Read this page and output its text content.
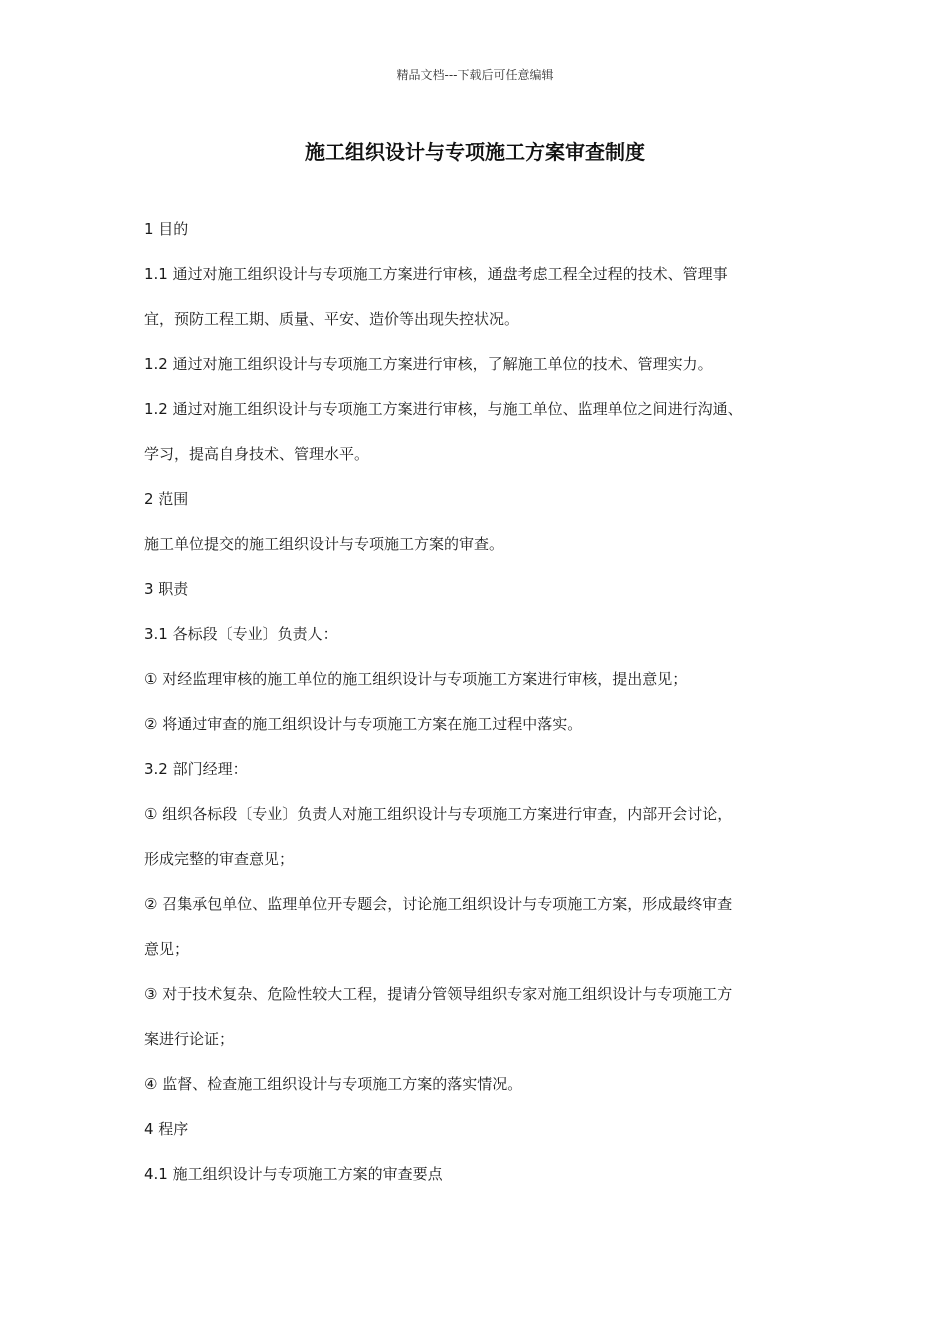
精品文档---下载后可任意编辑
施工组织设计与专项施工方案审查制度
1 目的
1.1 通过对施工组织设计与专项施工方案进行审核，通盘考虑工程全过程的技术、管理事
宜，预防工程工期、质量、平安、造价等出现失控状况。
1.2 通过对施工组织设计与专项施工方案进行审核，了解施工单位的技术、管理实力。
1.2 通过对施工组织设计与专项施工方案进行审核，与施工单位、监理单位之间进行沟通、
学习，提高自身技术、管理水平。
2 范围
施工单位提交的施工组织设计与专项施工方案的审查。
3 职责
3.1 各标段〔专业〕负责人：
① 对经监理审核的施工单位的施工组织设计与专项施工方案进行审核，提出意见；
② 将通过审查的施工组织设计与专项施工方案在施工过程中落实。
3.2 部门经理：
① 组织各标段〔专业〕负责人对施工组织设计与专项施工方案进行审查，内部开会讨论，
形成完整的审查意见；
② 召集承包单位、监理单位开专题会，讨论施工组织设计与专项施工方案，形成最终审查
意见；
③ 对于技术复杂、危险性较大工程，提请分管领导组织专家对施工组织设计与专项施工方
案进行论证；
④ 监督、检查施工组织设计与专项施工方案的落实情况。
4 程序
4.1 施工组织设计与专项施工方案的审查要点
